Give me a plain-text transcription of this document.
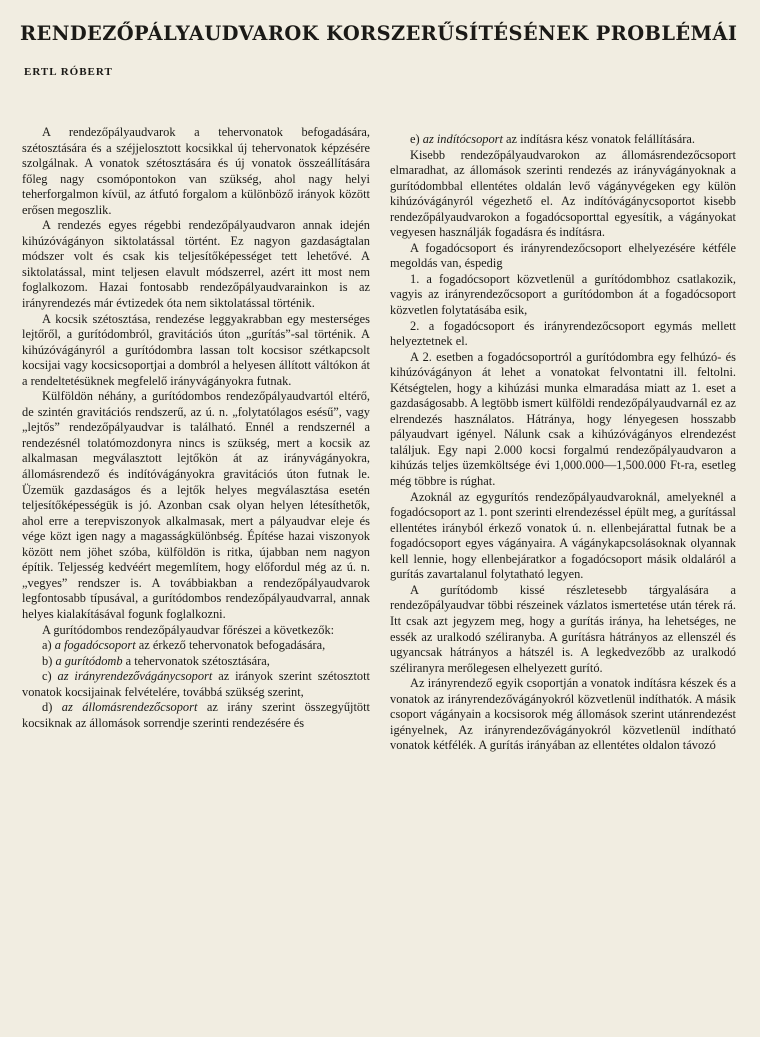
RENDEZŐPÁLYAUDVAROK KORSZERŰSÍTÉSÉNEK PROBLÉMÁI
ERTL RÓBERT

A rendezőpályaudvarok a tehervonatok befogadására, szétosztására és a széjjelosztott kocsikkal új tehervonatok képzésére szolgálnak. A vonatok szétosztására és új vonatok összeállítására főleg nagy csomópontokon van szükség, ahol nagy helyi teherforgalmon kívül, az átfutó forgalom a különböző irányok között erősen megoszlik.

A rendezés egyes régebbi rendezőpályaudvaron annak idején kihúzóvágányon siktolatással történt. Ez nagyon gazdaságtalan módszer volt és csak kis teljesítőképességet tett lehetővé. A siktolatással, mint teljesen elavult módszerrel, azért itt most nem foglalkozom. Hazai fontosabb rendezőpályaudvarainkon is az irányrendezés már évtizedek óta nem siktolatással történik.

A kocsik szétosztása, rendezése leggyakrabban egy mesterséges lejtőről, a gurítódombról, gravitációs úton „gurítás”-sal történik. A kihúzóvágányról a gurítódombra lassan tolt kocsisor szétkapcsolt kocsijai vagy kocsicsoportjai a dombról a helyesen állított váltókon át a rendeltetésüknek megfelelő irányvágányokra futnak.

Külföldön néhány, a gurítódombos rendezőpályaudvartól eltérő, de szintén gravitációs rendszerű, az ú. n. „folytatólagos esésű”, vagy „lejtős” rendezőpályaudvar is található. Ennél a rendszernél a rendezésnél tolatómozdonyra nincs is szükség, mert a kocsik az alkalmasan megválasztott lejtőkön át az irányvágányokra, állomásrendező és indítóvágányokra gravitációs úton futnak le. Üzemük gazdaságos és a lejtők helyes megválasztása esetén teljesítőképességük is jó. Azonban csak olyan helyen létesíthetők, ahol erre a terepviszonyok alkalmasak, mert a pályaudvar eleje és vége közt igen nagy a magasságkülönbség. Építése hazai viszonyok között nem jöhet szóba, külföldön is ritka, újabban nem nagyon építik. Teljesség kedvéért megemlítem, hogy előfordul még az ú. n. „vegyes” rendszer is. A továbbiakban a rendezőpályaudvarok legfontosabb típusával, a gurítódombos rendezőpályaudvarral, annak helyes kialakításával fogunk foglalkozni.

A gurítódombos rendezőpályaudvar főrészei a következők:

a) a fogadócsoport az érkező tehervonatok befogadására,

b) a gurítódomb a tehervonatok szétosztására,

c) az irányrendezővágánycsoport az irányok szerint szétosztott vonatok kocsijainak felvételére, továbbá szükség szerint,

d) az állomásrendezőcsoport az irány szerint összegyűjtött kocsiknak az állomások sorrendje szerinti rendezésére és

e) az indítócsoport az indításra kész vonatok felállítására.

Kisebb rendezőpályaudvarokon az állomásrendezőcsoport elmaradhat, az állomások szerinti rendezés az irányvágányoknak a gurítódombbal ellentétes oldalán levő vágányvégeken egy külön kihúzóvágányról végezhető el. Az indítóvágánycsoportot kisebb rendezőpályaudvarokon a fogadócsoporttal egyesítik, a vágányokat vegyesen használják fogadásra és indításra.

A fogadócsoport és irányrendezőcsoport elhelyezésére kétféle megoldás van, éspedig

1. a fogadócsoport közvetlenül a gurítódombhoz csatlakozik, vagyis az irányrendezőcsoport a gurítódombon át a fogadócsoport közvetlen folytatásába esik,

2. a fogadócsoport és irányrendezőcsoport egymás mellett helyeztetnek el.

A 2. esetben a fogadócsoportról a gurítódombra egy felhúzó- és kihúzóvágányon át lehet a vonatokat felvontatni ill. feltolni. Kétségtelen, hogy a kihúzási munka elmaradása miatt az 1. eset a gazdaságosabb. A legtöbb ismert külföldi rendezőpályaudvarnál ez az elrendezés használatos. Hátránya, hogy lényegesen hosszabb pályaudvart igényel. Nálunk csak a kihúzóvágányos elrendezést találjuk. Egy napi 2.000 kocsi forgalmú rendezőpályaudvaron a kihúzás teljes üzemköltsége évi 1,000.000—1,500.000 Ft-ra, esetleg még többre is rúghat.

Azoknál az egygurítós rendezőpályaudvaroknál, amelyeknél a fogadócsoport az 1. pont szerinti elrendezéssel épült meg, a gurítással ellentétes irányból érkező vonatok ú. n. ellenbejárattal futnak be a fogadócsoport egyes vágányaira. A vágánykapcsolásoknak olyannak kell lennie, hogy ellenbejáratkor a fogadócsoport másik oldaláról a gurítás zavartalanul folytatható legyen.

A gurítódomb kissé részletesebb tárgyalására a rendezőpályaudvar többi részeinek vázlatos ismertetése után térek rá. Itt csak azt jegyzem meg, hogy a gurítás iránya, ha lehetséges, ne essék az uralkodó széliranyba. A gurításra hátrányos az ellenszél és ugyancsak hátrányos a hátszél is. A legkedvezőbb az uralkodó széliranyra merőlegesen elhelyezett gurító.

Az irányrendező egyik csoportján a vonatok indításra készek és a vonatok az irányrendezővágányokról közvetlenül indíthatók. A másik csoport vágányain a kocsisorok még állomások szerint utánrendezést igényelnek, Az irányrendezővágányokról közvetlenül indítható vonatok kétfélék. A gurítás irányában az ellentétes oldalon távozó
